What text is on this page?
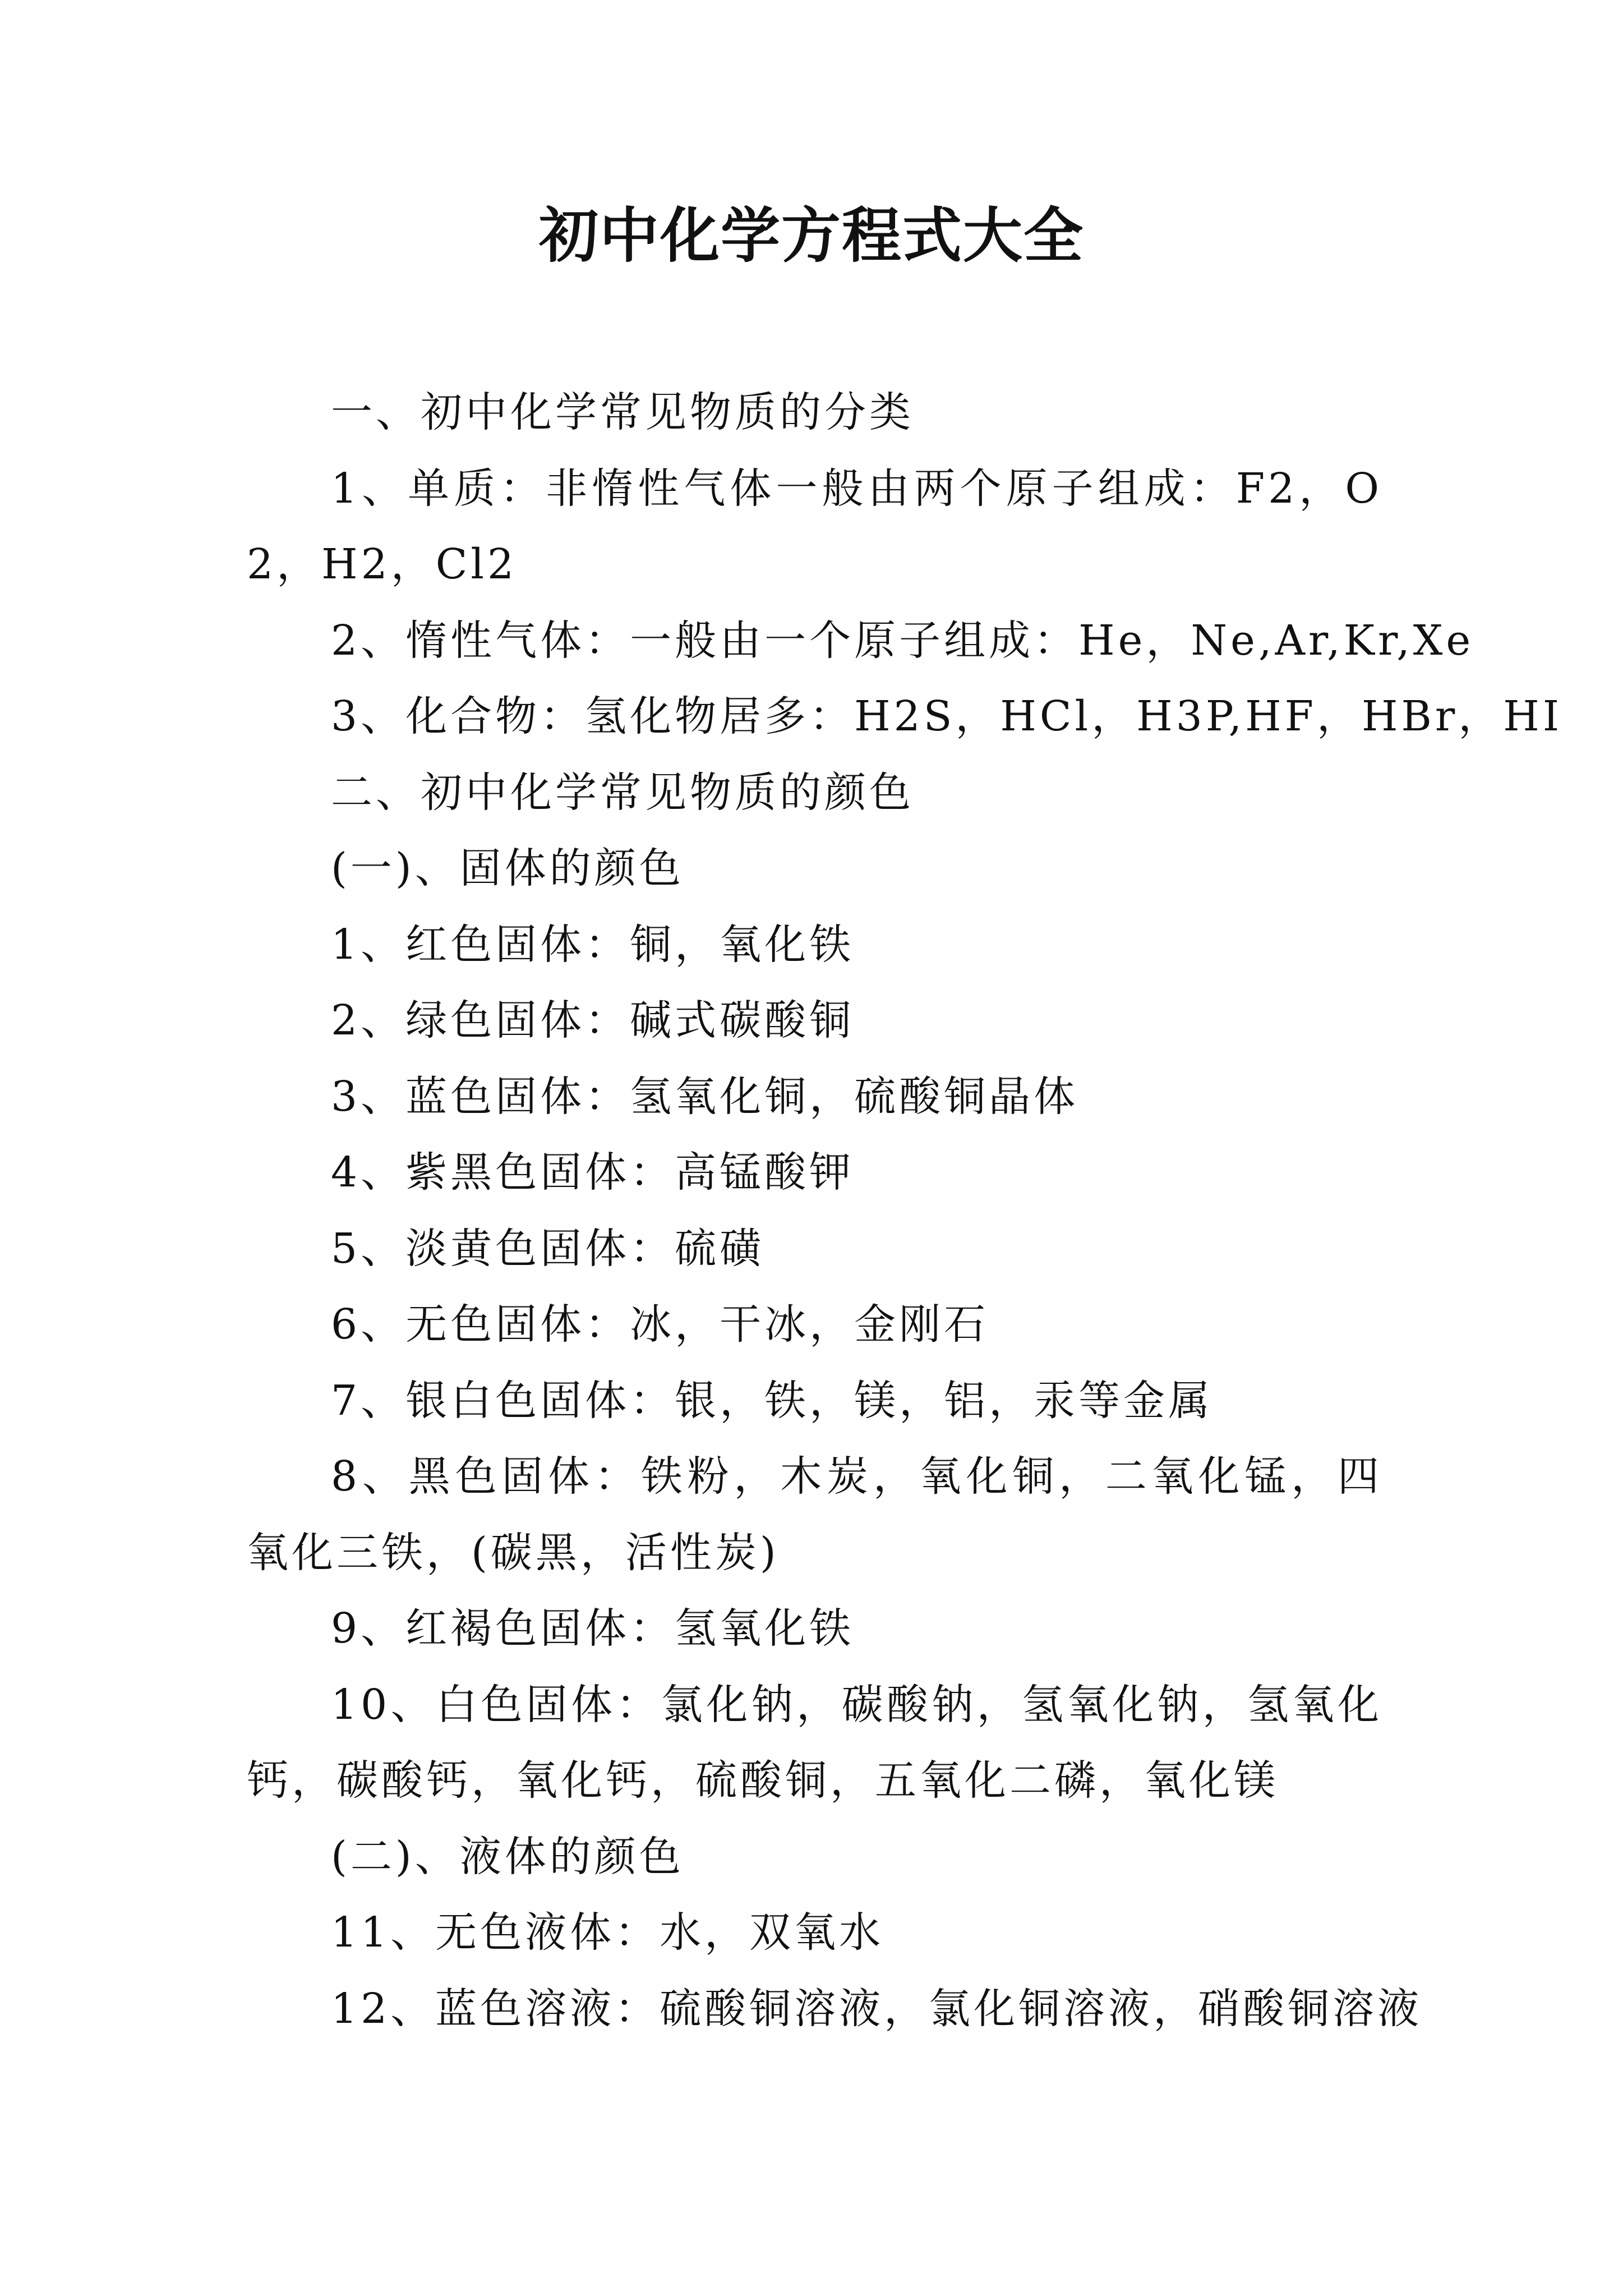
初中化学方程式大全

一、初中化学常见物质的分类

1、单质：非惰性气体一般由两个原子组成：F2，O2，H2，Cl2

2、惰性气体：一般由一个原子组成：He，Ne,Ar,Kr,Xe

3、化合物：氢化物居多：H2S，HCl，H3P,HF，HBr，HI

二、初中化学常见物质的颜色

(一)、固体的颜色

1、红色固体：铜，氧化铁

2、绿色固体：碱式碳酸铜

3、蓝色固体：氢氧化铜，硫酸铜晶体

4、紫黑色固体：高锰酸钾

5、淡黄色固体：硫磺

6、无色固体：冰，干冰，金刚石

7、银白色固体：银，铁，镁，铝，汞等金属

8、黑色固体：铁粉，木炭，氧化铜，二氧化锰，四氧化三铁，(碳黑，活性炭)

9、红褐色固体：氢氧化铁

10、白色固体：氯化钠，碳酸钠，氢氧化钠，氢氧化钙，碳酸钙，氧化钙，硫酸铜，五氧化二磷，氧化镁

(二)、液体的颜色

11、无色液体：水，双氧水

12、蓝色溶液：硫酸铜溶液，氯化铜溶液，硝酸铜溶液
